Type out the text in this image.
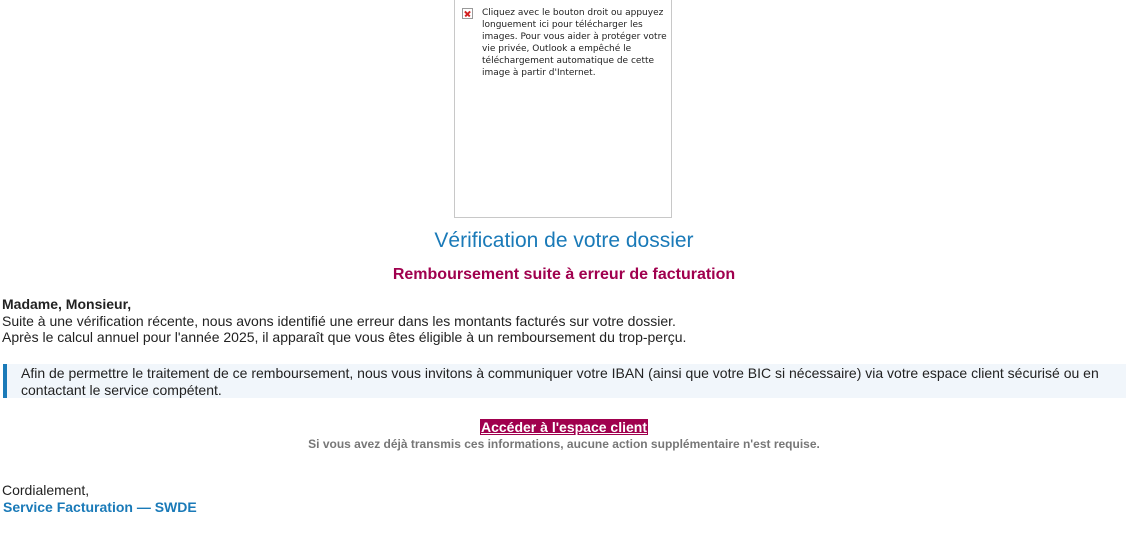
Cliquez avec le bouton droit ou appuyez longuement ici pour télécharger les images. Pour vous aider à protéger votre vie privée, Outlook a empêché le téléchargement automatique de cette image à partir d'Internet.
Vérification de votre dossier
Remboursement suite à erreur de facturation
Madame, Monsieur,
Suite à une vérification récente, nous avons identifié une erreur dans les montants facturés sur votre dossier.
Après le calcul annuel pour l'année 2025, il apparaît que vous êtes éligible à un remboursement du trop-perçu.
Afin de permettre le traitement de ce remboursement, nous vous invitons à communiquer votre IBAN (ainsi que votre BIC si nécessaire) via votre espace client sécurisé ou en contactant le service compétent.
Accéder à l'espace client
Si vous avez déjà transmis ces informations, aucune action supplémentaire n'est requise.
Cordialement,
Service Facturation — SWDE
